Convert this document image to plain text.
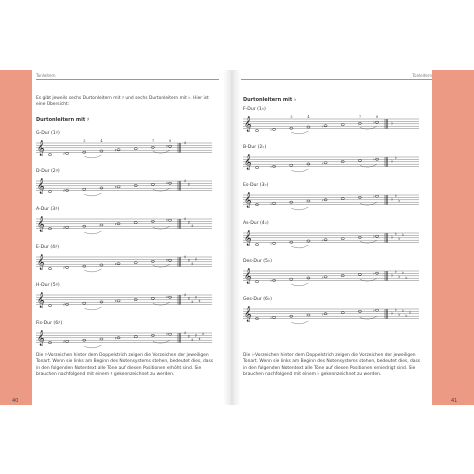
Tonleitern
Es gibt jeweils sechs Durtonleitern mit ♯ und sechs Durtonleitern mit ♭. Hier ist eine Übersicht:
Durtonleitern mit ♯
G-Dur (1♯)
𝄞	♯
♯
♯
3	4	7	8
♯
D-Dur (2♯)
𝄞	♯
♯
♯	♯
♯
A-Dur (3♯)
𝄞	♯
♯
♯	♯
♯
♯
E-Dur (4♯)
𝄞	♯
♯
♯	♯
♯
♯
♯
H-Dur (5♯)
𝄞	♯
♯
♯	♯
♯
♯
♯
♯
Fis-Dur (6♯)
𝄞	♯
♯
♯	♯
♯
♯
♯
♯
♯
Die ♯-Vorzeichen hinter dem Doppelstrich zeigen die Vorzeichen der jeweiligen Tonart. Wenn sie links am Beginn des Notensystems stehen, bedeutet dies, dass in den folgenden Notentext alle Töne auf diesen Positionen erhöht sind. Sie brauchen nachfolgend mit einem ♯ gekennzeichnet zu werden.
40
Tonleitern
Durtonleitern mit ♭
F-Dur (1♭)
𝄞	♭
♭
♭
3	4	7	8
♭
B-Dur (2♭)
𝄞	♭
♭
♭
♭
♭
Es-Dur (3♭)
𝄞	♭
♭
♭
♭
♭
♭
As-Dur (4♭)
𝄞	♭
♭
♭	♭
♭
♭
♭
Des-Dur (5♭)
𝄞	♭
♭
♭
♭
♭
♭
♭
♭
Ges-Dur (6♭)
𝄞	♭
♭
♭
♭
♭
♭
♭
♭
♭
Die ♭-Vorzeichen hinter dem Doppelstrich zeigen die Vorzeichen der jeweiligen Tonart. Wenn sie links am Beginn des Notensystems stehen, bedeutet dies, dass in den folgenden Notentext alle Töne auf diesen Positionen erniedrigt sind. Sie brauchen nachfolgend mit einem ♭ gekennzeichnet zu werden.
41
